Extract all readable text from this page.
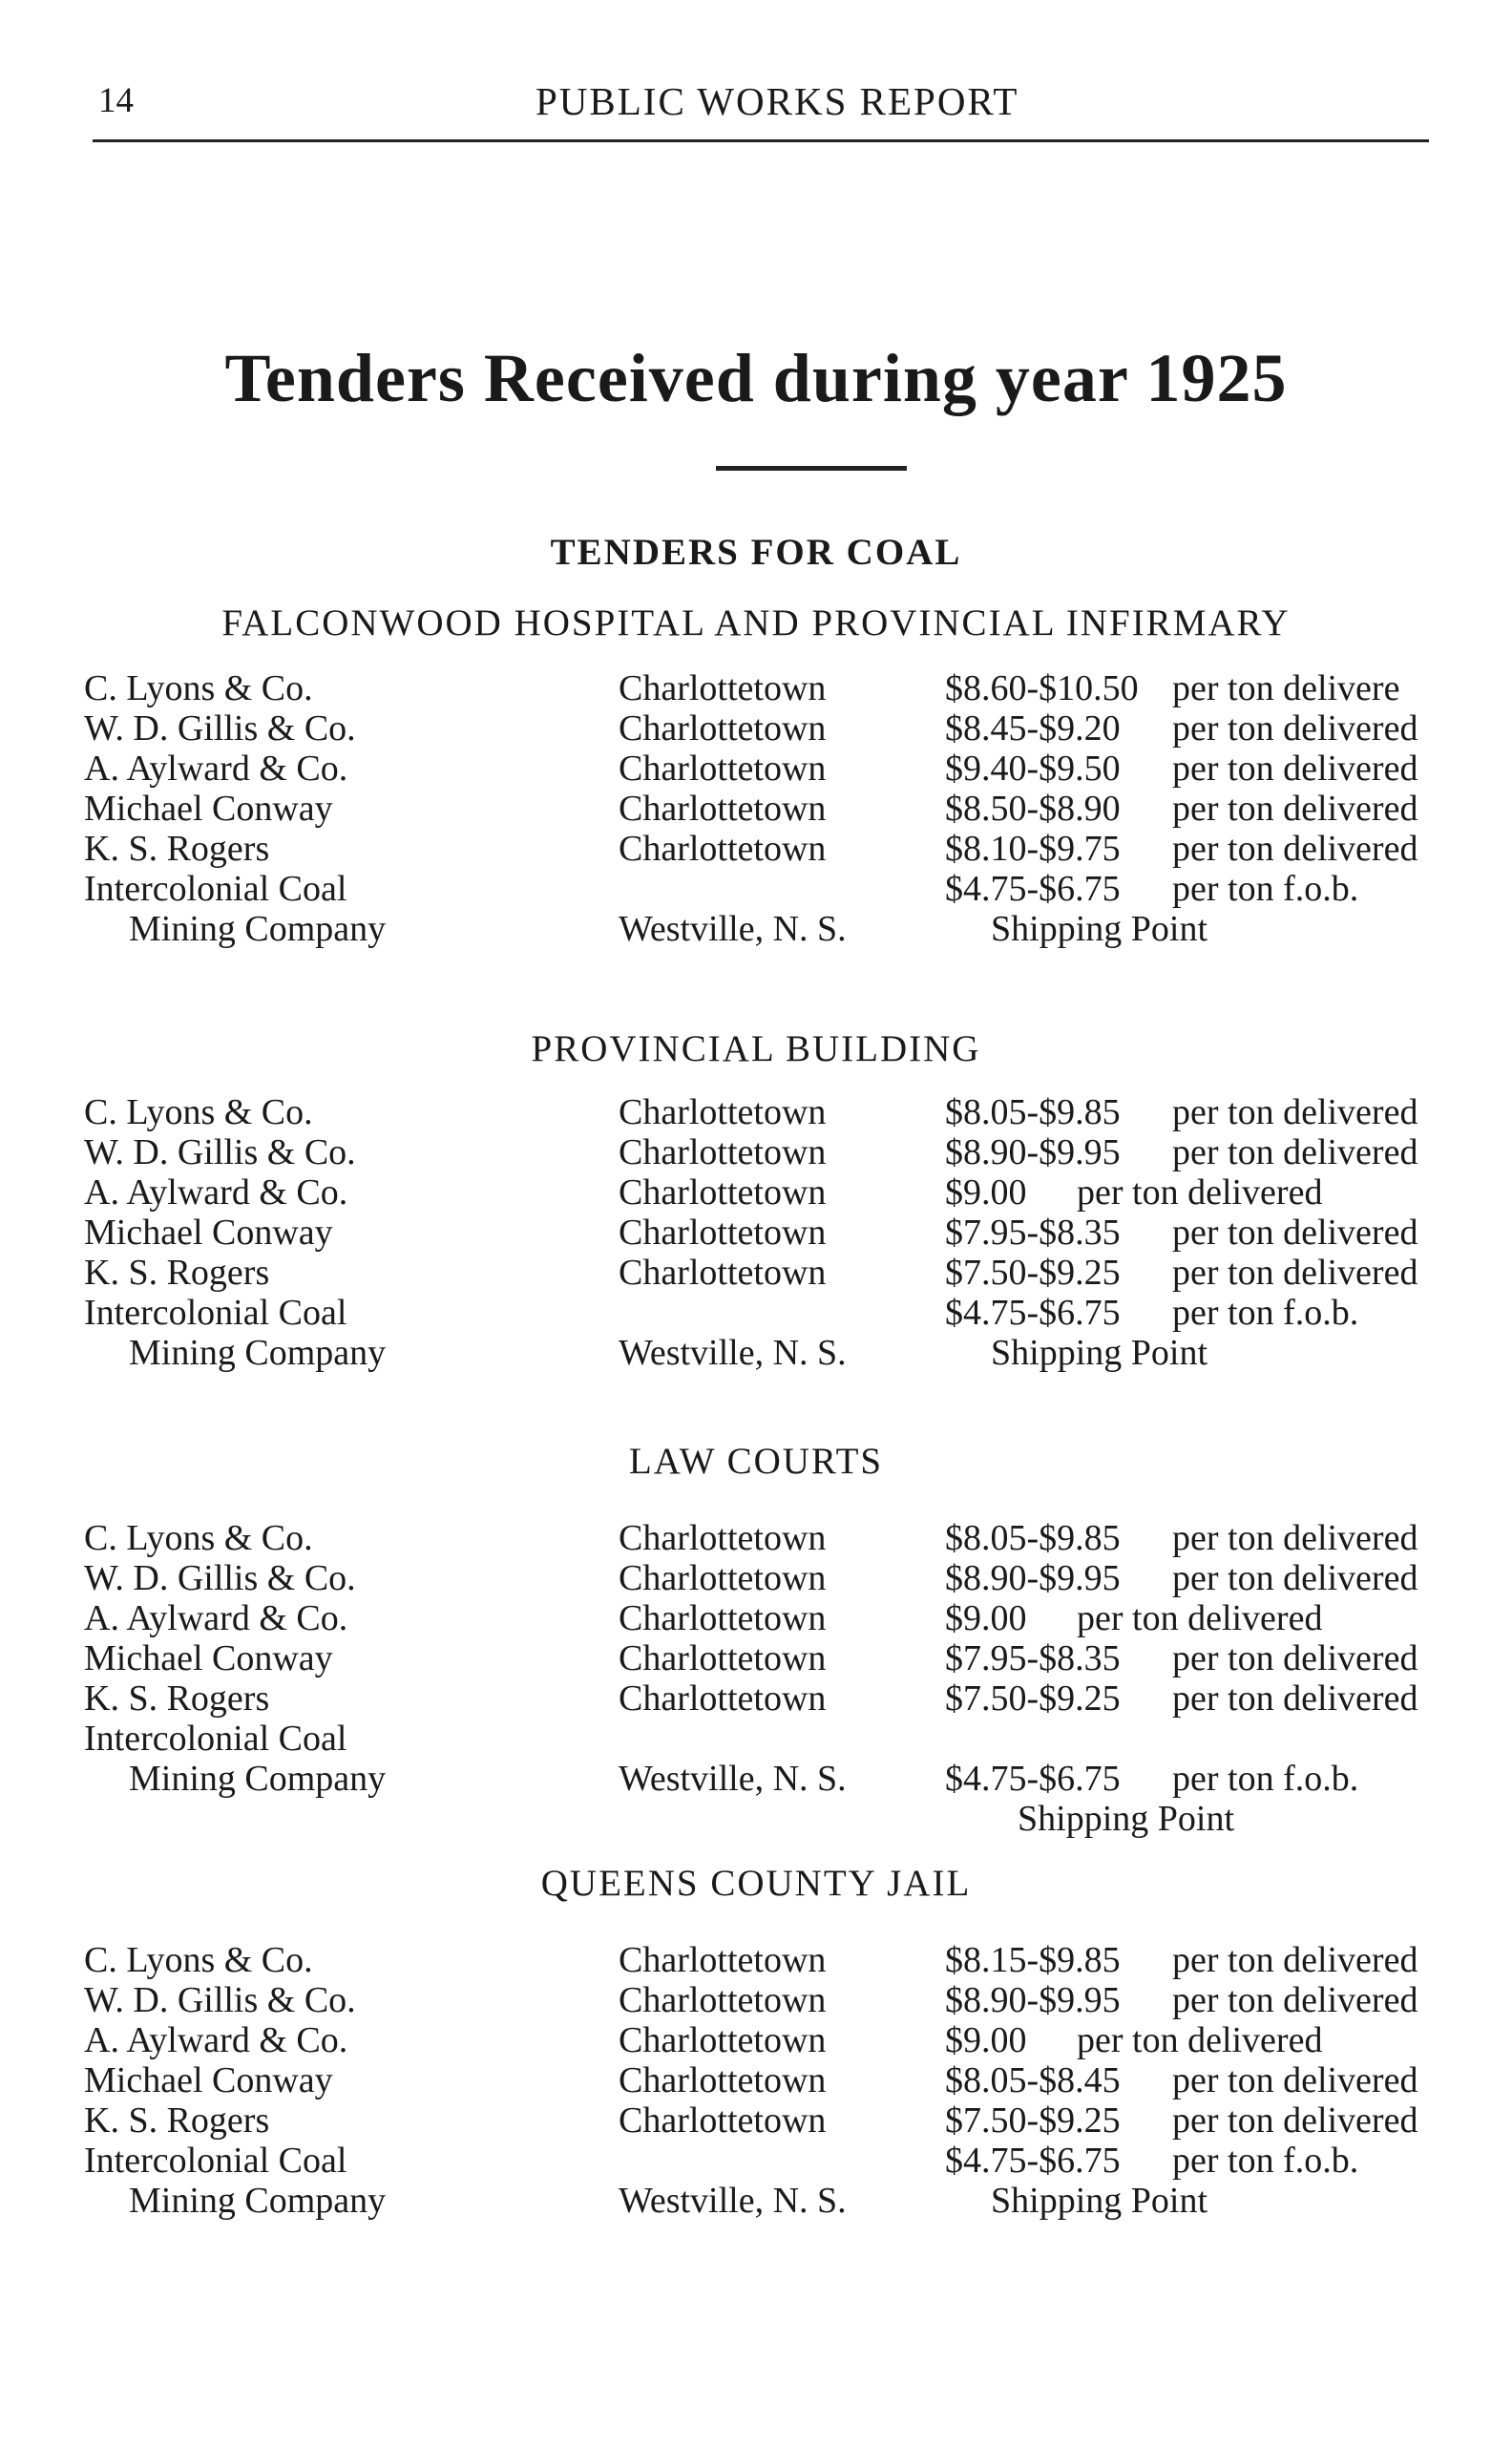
14	PUBLIC WORKS REPORT
Tenders Received during year 1925
TENDERS FOR COAL
FALCONWOOD HOSPITAL AND PROVINCIAL INFIRMARY
C. Lyons & Co.	Charlottetown	$8.60-$10.50 per ton delivere
W. D. Gillis & Co.	Charlottetown	$8.45-$9.20 per ton delivered
A. Aylward & Co.	Charlottetown	$9.40-$9.50 per ton delivered
Michael Conway	Charlottetown	$8.50-$8.90 per ton delivered
K. S. Rogers	Charlottetown	$8.10-$9.75 per ton delivered
Intercolonial Coal	$4.75-$6.75 per ton f.o.b.
Mining Company	Westville, N. S.	Shipping Point
PROVINCIAL BUILDING
C. Lyons & Co.	Charlottetown	$8.05-$9.85 per ton delivered
W. D. Gillis & Co.	Charlottetown	$8.90-$9.95 per ton delivered
A. Aylward & Co.	Charlottetown	$9.00 per ton delivered
Michael Conway	Charlottetown	$7.95-$8.35 per ton delivered
K. S. Rogers	Charlottetown	$7.50-$9.25 per ton delivered
Intercolonial Coal	$4.75-$6.75 per ton f.o.b.
Mining Company	Westville, N. S.	Shipping Point
LAW COURTS
C. Lyons & Co.	Charlottetown	$8.05-$9.85 per ton delivered
W. D. Gillis & Co.	Charlottetown	$8.90-$9.95 per ton delivered
A. Aylward & Co.	Charlottetown	$9.00 per ton delivered
Michael Conway	Charlottetown	$7.95-$8.35 per ton delivered
K. S. Rogers	Charlottetown	$7.50-$9.25 per ton delivered
Intercolonial Coal
Mining Company	Westville, N. S.	$4.75-$6.75 per ton f.o.b.
Shipping Point
QUEENS COUNTY JAIL
C. Lyons & Co.	Charlottetown	$8.15-$9.85 per ton delivered
W. D. Gillis & Co.	Charlottetown	$8.90-$9.95 per ton delivered
A. Aylward & Co.	Charlottetown	$9.00 per ton delivered
Michael Conway	Charlottetown	$8.05-$8.45 per ton delivered
K. S. Rogers	Charlottetown	$7.50-$9.25 per ton delivered
Intercolonial Coal	$4.75-$6.75 per ton f.o.b.
Mining Company	Westville, N. S.	Shipping Point
